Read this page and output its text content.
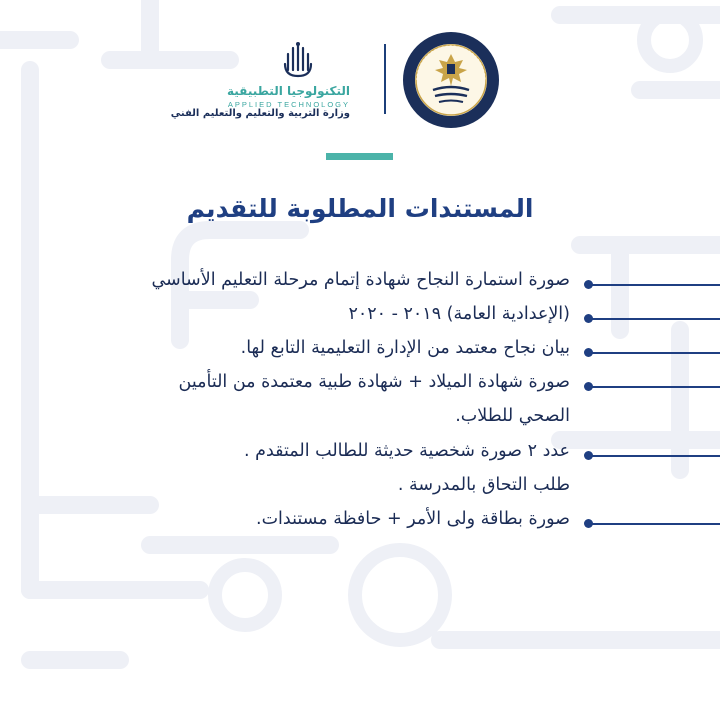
التكنولوجيا التطبيقية
APPLIED TECHNOLOGY
وزارة التربية والتعليم والتعليم الفني
المستندات المطلوبة للتقديم
صورة استمارة النجاح شهادة إتمام مرحلة التعليم الأساسي
(الإعدادية العامة) ٢٠١٩ - ٢٠٢٠
بيان نجاح معتمد من الإدارة التعليمية التابع لها.
صورة شهادة الميلاد + شهادة طبية معتمدة من التأمين
الصحي للطلاب.
عدد ٢ صورة شخصية حديثة للطالب المتقدم .
طلب التحاق بالمدرسة .
صورة بطاقة ولى الأمر + حافظة مستندات.
